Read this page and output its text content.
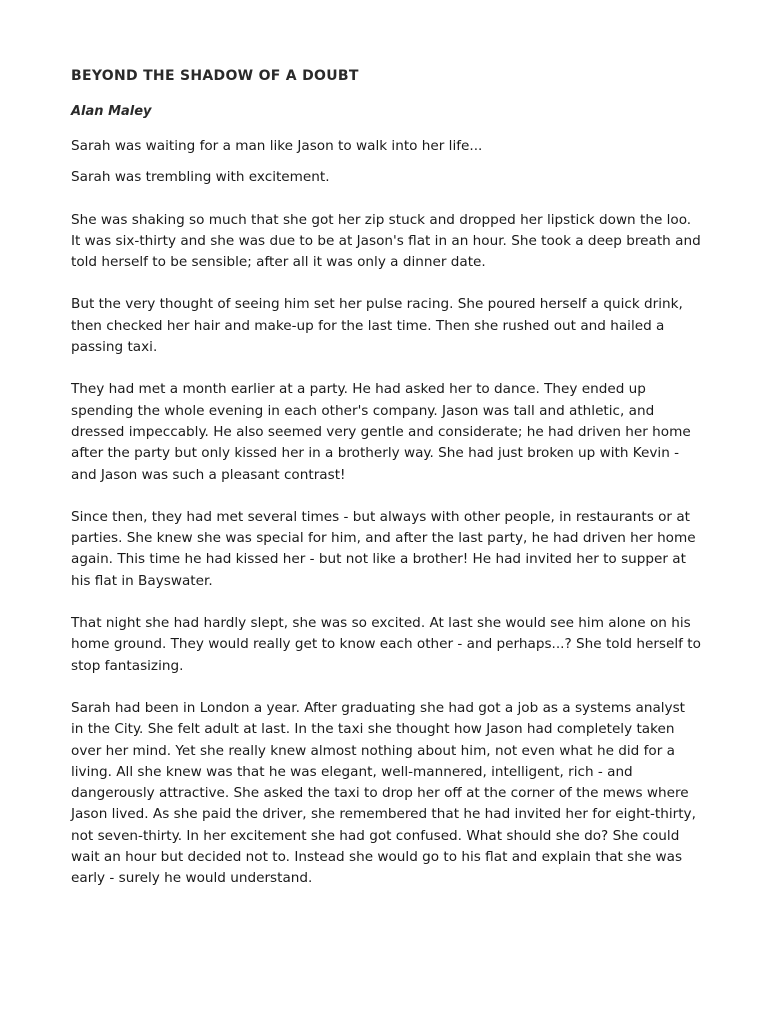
BEYOND THE SHADOW OF A DOUBT
Alan Maley

Sarah was waiting for a man like Jason to walk into her life...

Sarah was trembling with excitement.

She was shaking so much that she got her zip stuck and dropped her lipstick down the loo. It was six-thirty and she was due to be at Jason's flat in an hour. She took a deep breath and told herself to be sensible; after all it was only a dinner date.

But the very thought of seeing him set her pulse racing. She poured herself a quick drink, then checked her hair and make-up for the last time. Then she rushed out and hailed a passing taxi.

They had met a month earlier at a party. He had asked her to dance. They ended up spending the whole evening in each other's company. Jason was tall and athletic, and dressed impeccably. He also seemed very gentle and considerate; he had driven her home after the party but only kissed her in a brotherly way. She had just broken up with Kevin - and Jason was such a pleasant contrast!

Since then, they had met several times - but always with other people, in restaurants or at parties. She knew she was special for him, and after the last party, he had driven her home again. This time he had kissed her - but not like a brother! He had invited her to supper at his flat in Bayswater.

That night she had hardly slept, she was so excited. At last she would see him alone on his home ground. They would really get to know each other - and perhaps...? She told herself to stop fantasizing.

Sarah had been in London a year. After graduating she had got a job as a systems analyst in the City. She felt adult at last. In the taxi she thought how Jason had completely taken over her mind. Yet she really knew almost nothing about him, not even what he did for a living. All she knew was that he was elegant, well-mannered, intelligent, rich - and dangerously attractive. She asked the taxi to drop her off at the corner of the mews where Jason lived. As she paid the driver, she remembered that he had invited her for eight-thirty, not seven-thirty. In her excitement she had got confused. What should she do? She could wait an hour but decided not to. Instead she would go to his flat and explain that she was early - surely he would understand.
